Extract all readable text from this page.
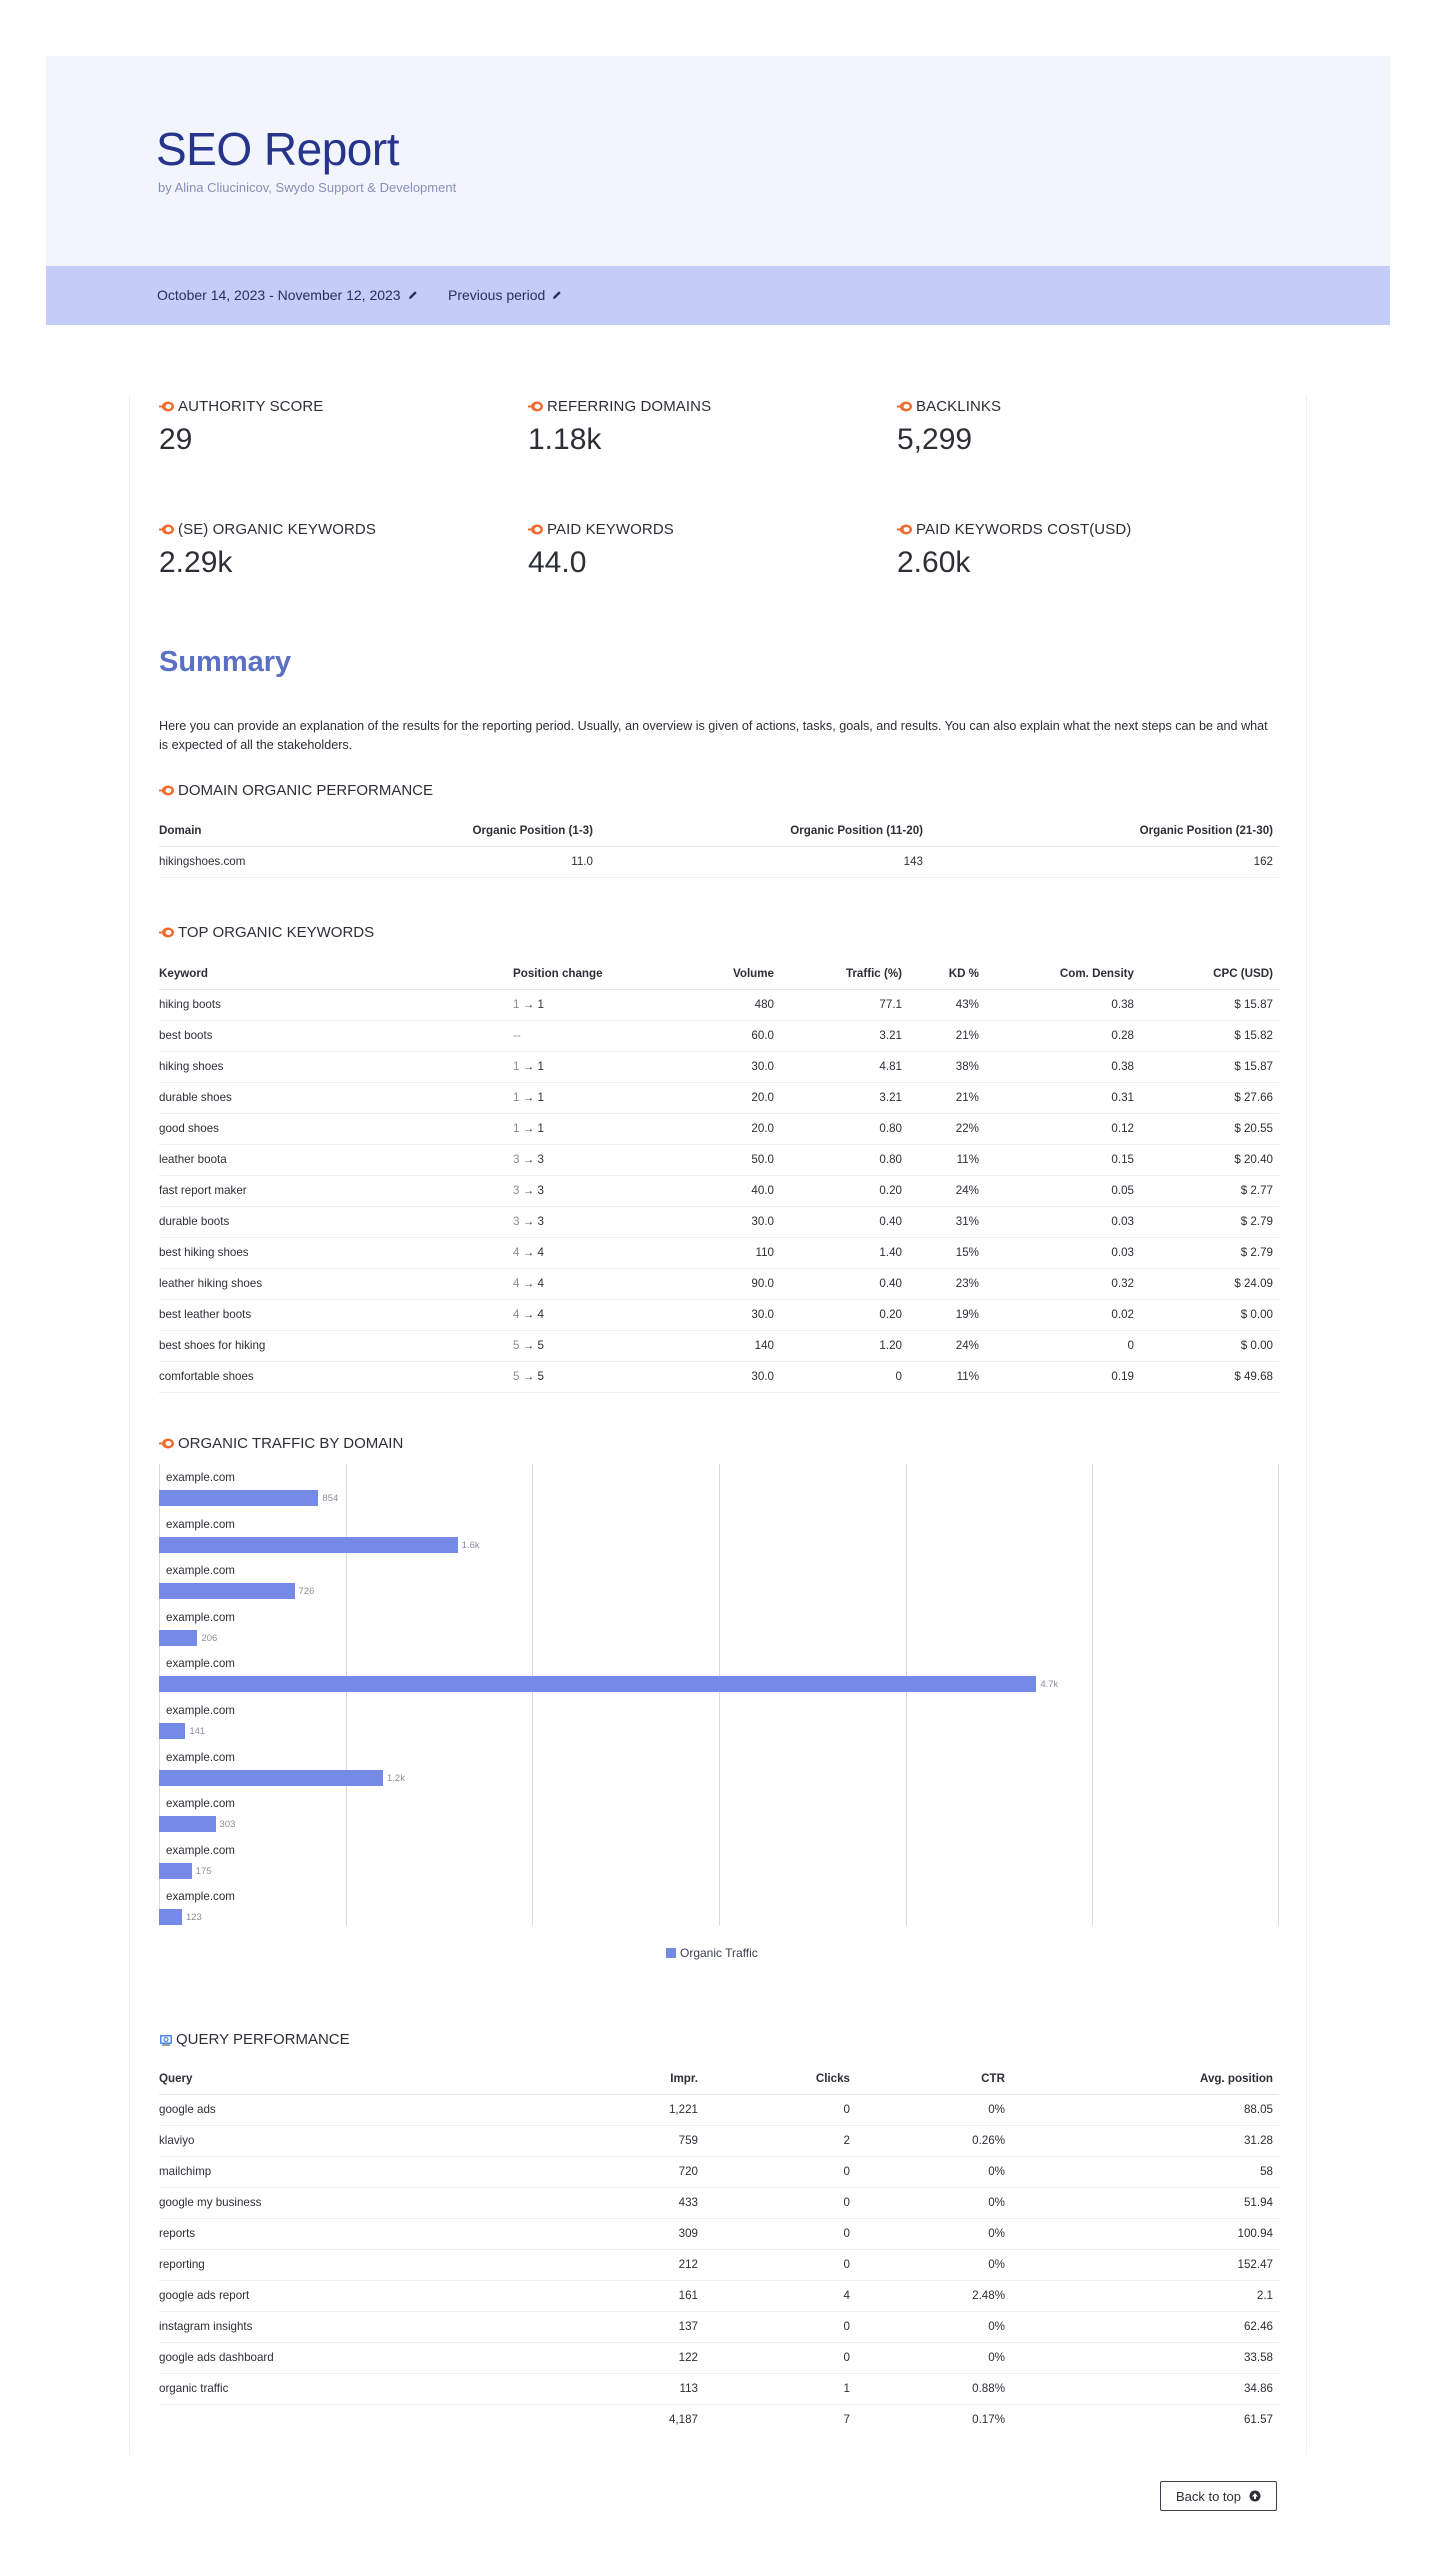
SEO Report
by Alina Cliucinicov, Swydo Support & Development
October 14, 2023 - November 12, 2023	Previous period
AUTHORITY SCORE
29
REFERRING DOMAINS
1.18k
BACKLINKS
5,299
(SE) ORGANIC KEYWORDS
2.29k
PAID KEYWORDS
44.0
PAID KEYWORDS COST(USD)
2.60k
Summary
Here you can provide an explanation of the results for the reporting period. Usually, an overview is given of actions, tasks, goals, and results. You can also explain what the next steps can be and what is expected of all the stakeholders.
DOMAIN ORGANIC PERFORMANCE
Domain	Organic Position (1-3)	Organic Position (11-20)	Organic Position (21-30)
hikingshoes.com	11.0	143	162
TOP ORGANIC KEYWORDS
Keyword	Position change	Volume	Traffic (%)	KD %	Com. Density	CPC (USD)
hiking boots	1 → 1	480	77.1	43%	0.38	$ 15.87
best boots	--	60.0	3.21	21%	0.28	$ 15.82
hiking shoes	1 → 1	30.0	4.81	38%	0.38	$ 15.87
durable shoes	1 → 1	20.0	3.21	21%	0.31	$ 27.66
good shoes	1 → 1	20.0	0.80	22%	0.12	$ 20.55
leather boota	3 → 3	50.0	0.80	11%	0.15	$ 20.40
fast report maker	3 → 3	40.0	0.20	24%	0.05	$ 2.77
durable boots	3 → 3	30.0	0.40	31%	0.03	$ 2.79
best hiking shoes	4 → 4	110	1.40	15%	0.03	$ 2.79
leather hiking shoes	4 → 4	90.0	0.40	23%	0.32	$ 24.09
best leather boots	4 → 4	30.0	0.20	19%	0.02	$ 0.00
best shoes for hiking	5 → 5	140	1.20	24%	0	$ 0.00
comfortable shoes	5 → 5	30.0	0	11%	0.19	$ 49.68
ORGANIC TRAFFIC BY DOMAIN
Organic Traffic
example.com
854
example.com
1.6k
example.com
726
example.com
206
example.com
4.7k
example.com
141
example.com
1.2k
example.com
303
example.com
175
example.com
123
QUERY PERFORMANCE
Query	Impr.	Clicks	CTR	Avg. position
google ads	1,221	0	0%	88.05
klaviyo	759	2	0.26%	31.28
mailchimp	720	0	0%	58
google my business	433	0	0%	51.94
reports	309	0	0%	100.94
reporting	212	0	0%	152.47
google ads report	161	4	2.48%	2.1
instagram insights	137	0	0%	62.46
google ads dashboard	122	0	0%	33.58
organic traffic	113	1	0.88%	34.86
	4,187	7	0.17%	61.57
Back to top
